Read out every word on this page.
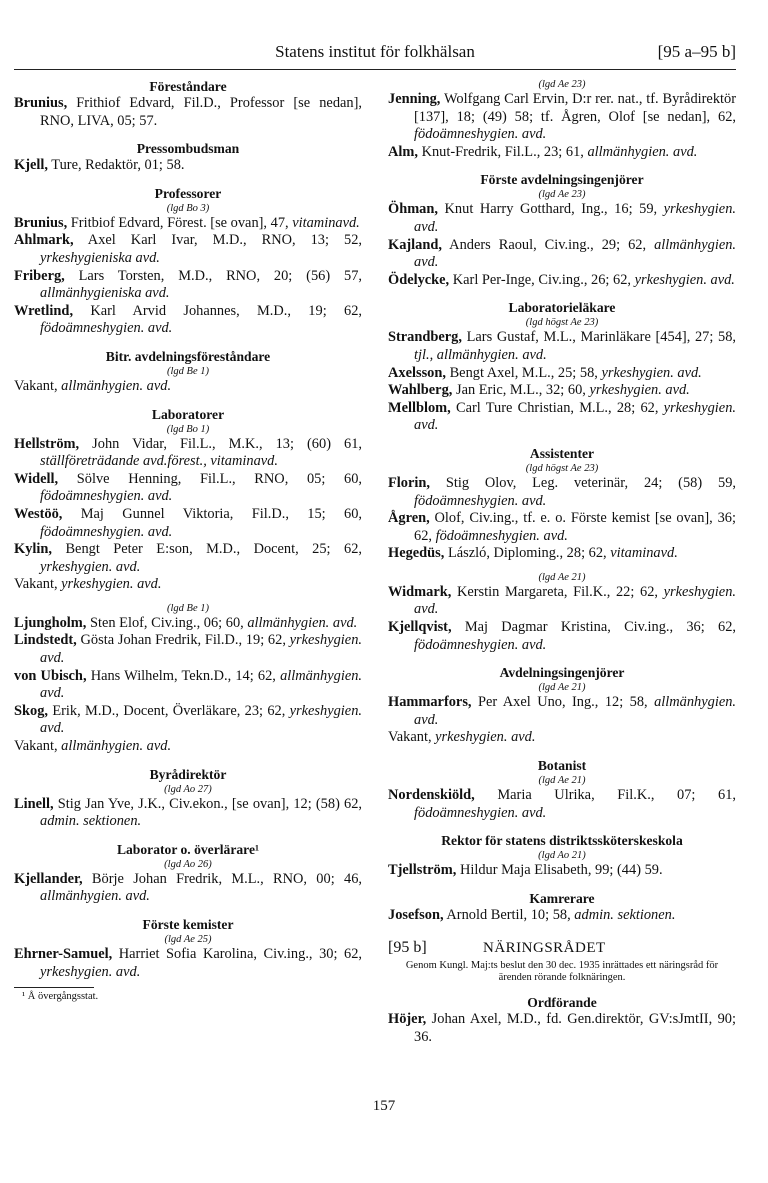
Statens institut för folkhälsan	[95 a–95 b]
Föreståndare
Brunius, Frithiof Edvard, Fil.D., Professor [se nedan], RNO, LIVA, 05; 57.
Pressombudsman
Kjell, Ture, Redaktör, 01; 58.
Professorer
(lgd Bo 3)
Brunius, Fritbiof Edvard, Förest. [se ovan], 47, vitaminavd.
Ahlmark, Axel Karl Ivar, M.D., RNO, 13; 52, yrkeshygieniska avd.
Friberg, Lars Torsten, M.D., RNO, 20; (56) 57, allmänhygieniska avd.
Wretlind, Karl Arvid Johannes, M.D., 19; 62, födoämneshygien. avd.
Bitr. avdelningsföreståndare
(lgd Be 1)
Vakant, allmänhygien. avd.
Laboratorer
(lgd Bo 1)
Hellström, John Vidar, Fil.L., M.K., 13; (60) 61, ställföreträdande avd.förest., vitaminavd.
Widell, Sölve Henning, Fil.L., RNO, 05; 60, födoämneshygien. avd.
Westöö, Maj Gunnel Viktoria, Fil.D., 15; 60, födoämneshygien. avd.
Kylin, Bengt Peter E:son, M.D., Docent, 25; 62, yrkeshygien. avd.
Vakant, yrkeshygien. avd.
(lgd Be 1)
Ljungholm, Sten Elof, Civ.ing., 06; 60, allmänhygien. avd.
Lindstedt, Gösta Johan Fredrik, Fil.D., 19; 62, yrkeshygien. avd.
von Ubisch, Hans Wilhelm, Tekn.D., 14; 62, allmänhygien. avd.
Skog, Erik, M.D., Docent, Överläkare, 23; 62, yrkeshygien. avd.
Vakant, allmänhygien. avd.
Byrådirektör
(lgd Ao 27)
Linell, Stig Jan Yve, J.K., Civ.ekon., [se ovan], 12; (58) 62, admin. sektionen.
Laborator o. överlärare¹
(lgd Ao 26)
Kjellander, Börje Johan Fredrik, M.L., RNO, 00; 46, allmänhygien. avd.
Förste kemister
(lgd Ae 25)
Ehrner-Samuel, Harriet Sofia Karolina, Civ.ing., 30; 62, yrkeshygien. avd.
¹ Å övergångsstat.
(lgd Ae 23)
Jenning, Wolfgang Carl Ervin, D:r rer. nat., tf. Byrådirektör [137], 18; (49) 58; tf. Ågren, Olof [se nedan], 62, födoämneshygien. avd.
Alm, Knut-Fredrik, Fil.L., 23; 61, allmänhygien. avd.
Förste avdelningsingenjörer
(lgd Ae 23)
Öhman, Knut Harry Gotthard, Ing., 16; 59, yrkeshygien. avd.
Kajland, Anders Raoul, Civ.ing., 29; 62, allmänhygien. avd.
Ödelycke, Karl Per-Inge, Civ.ing., 26; 62, yrkeshygien. avd.
Laboratorieläkare
(lgd högst Ae 23)
Strandberg, Lars Gustaf, M.L., Marinläkare [454], 27; 58, tjl., allmänhygien. avd.
Axelsson, Bengt Axel, M.L., 25; 58, yrkeshygien. avd.
Wahlberg, Jan Eric, M.L., 32; 60, yrkeshygien. avd.
Mellblom, Carl Ture Christian, M.L., 28; 62, yrkeshygien. avd.
Assistenter
(lgd högst Ae 23)
Florin, Stig Olov, Leg. veterinär, 24; (58) 59, födoämneshygien. avd.
Ågren, Olof, Civ.ing., tf. e. o. Förste kemist [se ovan], 36; 62, födoämneshygien. avd.
Hegedüs, László, Diploming., 28; 62, vitaminavd.
(lgd Ae 21)
Widmark, Kerstin Margareta, Fil.K., 22; 62, yrkeshygien. avd.
Kjellqvist, Maj Dagmar Kristina, Civ.ing., 36; 62, födoämneshygien. avd.
Avdelningsingenjörer
(lgd Ae 21)
Hammarfors, Per Axel Uno, Ing., 12; 58, allmänhygien. avd.
Vakant, yrkeshygien. avd.
Botanist
(lgd Ae 21)
Nordenskiöld, Maria Ulrika, Fil.K., 07; 61, födoämneshygien. avd.
Rektor för statens distriktssköterskeskola
(lgd Ao 21)
Tjellström, Hildur Maja Elisabeth, 99; (44) 59.
Kamrerare
Josefson, Arnold Bertil, 10; 58, admin. sektionen.
[95 b]	NÄRINGSRÅDET
Genom Kungl. Maj:ts beslut den 30 dec. 1935 inrättades ett näringsråd för ärenden rörande folknäringen.
Ordförande
Höjer, Johan Axel, M.D., fd. Gen.direktör, GV:sJmtII, 90; 36.
157
